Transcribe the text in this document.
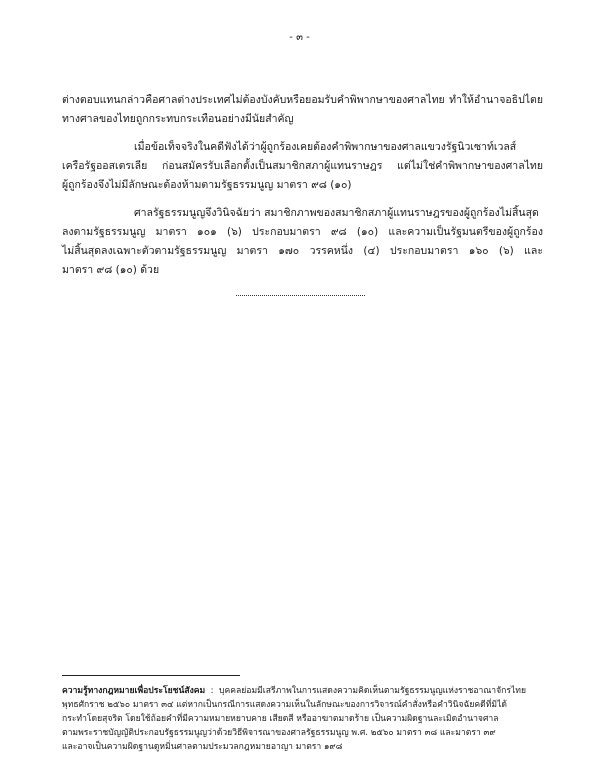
- ๓ -
ต่างตอบแทนกล่าวคือศาลต่างประเทศไม่ต้องบังคับหรือยอมรับคำพิพากษาของศาลไทย ทำให้อำนาจอธิปไตย
ทางศาลของไทยถูกกระทบกระเทือนอย่างมีนัยสำคัญ
เมื่อข้อเท็จจริงในคดีฟังได้ว่าผู้ถูกร้องเคยต้องคำพิพากษาของศาลแขวงรัฐนิวเซาท์เวลส์
เครือรัฐออสเตรเลีย ก่อนสมัครรับเลือกตั้งเป็นสมาชิกสภาผู้แทนราษฎร แต่ไม่ใช่คำพิพากษาของศาลไทย
ผู้ถูกร้องจึงไม่มีลักษณะต้องห้ามตามรัฐธรรมนูญ มาตรา ๙๘ (๑๐)
ศาลรัฐธรรมนูญจึงวินิจฉัยว่า สมาชิกภาพของสมาชิกสภาผู้แทนราษฎรของผู้ถูกร้องไม่สิ้นสุด
ลงตามรัฐธรรมนูญ มาตรา ๑๐๑ (๖) ประกอบมาตรา ๙๘ (๑๐) และความเป็นรัฐมนตรีของผู้ถูกร้อง
ไม่สิ้นสุดลงเฉพาะตัวตามรัฐธรรมนูญ มาตรา ๑๗๐ วรรคหนึ่ง (๔) ประกอบมาตรา ๑๖๐ (๖) และ
มาตรา ๙๘ (๑๐) ด้วย
ความรู้ทางกฎหมายเพื่อประโยชน์สังคม : บุคคลย่อมมีเสรีภาพในการแสดงความคิดเห็นตามรัฐธรรมนูญแห่งราชอาณาจักรไทย
พุทธศักราช ๒๕๖๐ มาตรา ๓๔ แต่หากเป็นกรณีการแสดงความเห็นในลักษณะของการวิจารณ์คำสั่งหรือคำวินิจฉัยคดีที่มิได้
กระทำโดยสุจริต โดยใช้ถ้อยคำที่มีความหมายหยาบคาย เสียดสี หรืออาฆาตมาดร้าย เป็นความผิดฐานละเมิดอำนาจศาล
ตามพระราชบัญญัติประกอบรัฐธรรมนูญว่าด้วยวิธีพิจารณาของศาลรัฐธรรมนูญ พ.ศ. ๒๕๖๐ มาตรา ๓๘ และมาตรา ๓๙
และอาจเป็นความผิดฐานดูหมิ่นศาลตามประมวลกฎหมายอาญา มาตรา ๑๙๘
